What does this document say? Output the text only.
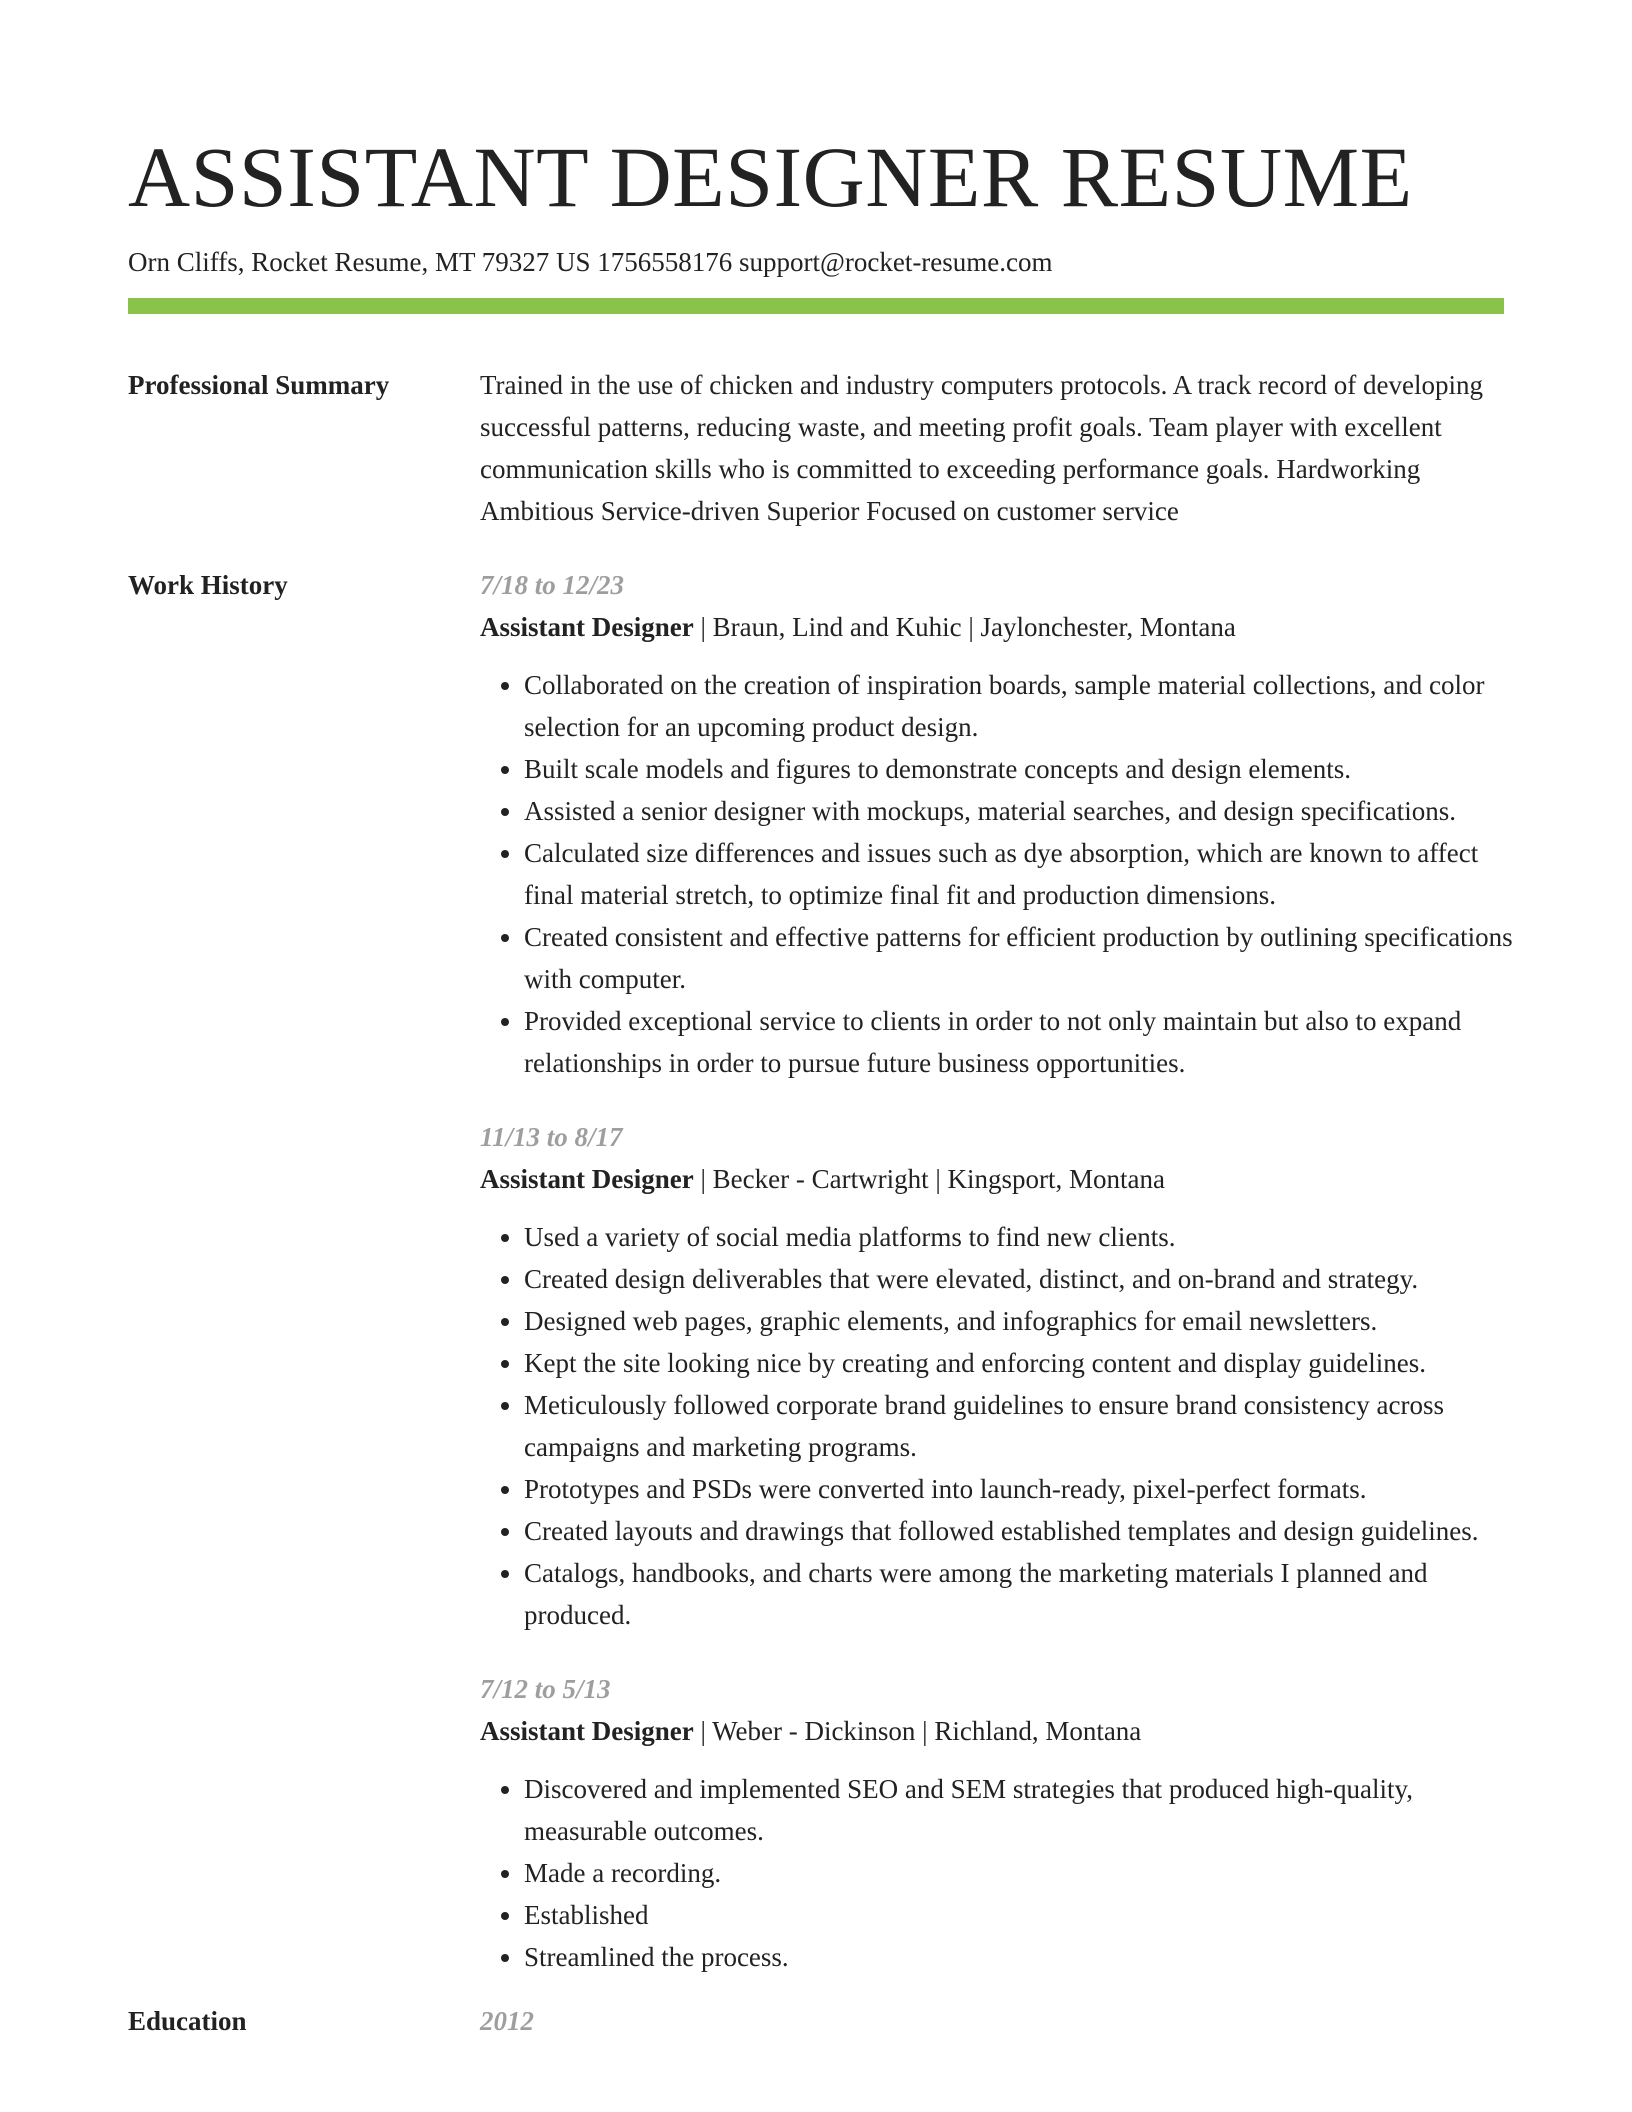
ASSISTANT DESIGNER RESUME
Orn Cliffs, Rocket Resume, MT 79327 US 1756558176 support@rocket-resume.com
Professional Summary	Trained in the use of chicken and industry computers protocols. A track record of developing successful patterns, reducing waste, and meeting profit goals. Team player with excellent communication skills who is committed to exceeding performance goals. Hardworking Ambitious Service-driven Superior Focused on customer service

Work History	7/18 to 12/23
Assistant Designer | Braun, Lind and Kuhic | Jaylonchester, Montana
• Collaborated on the creation of inspiration boards, sample material collections, and color selection for an upcoming product design.
• Built scale models and figures to demonstrate concepts and design elements.
• Assisted a senior designer with mockups, material searches, and design specifications.
• Calculated size differences and issues such as dye absorption, which are known to affect final material stretch, to optimize final fit and production dimensions.
• Created consistent and effective patterns for efficient production by outlining specifications with computer.
• Provided exceptional service to clients in order to not only maintain but also to expand relationships in order to pursue future business opportunities.
11/13 to 8/17
Assistant Designer | Becker - Cartwright | Kingsport, Montana
• Used a variety of social media platforms to find new clients.
• Created design deliverables that were elevated, distinct, and on-brand and strategy.
• Designed web pages, graphic elements, and infographics for email newsletters.
• Kept the site looking nice by creating and enforcing content and display guidelines.
• Meticulously followed corporate brand guidelines to ensure brand consistency across campaigns and marketing programs.
• Prototypes and PSDs were converted into launch-ready, pixel-perfect formats.
• Created layouts and drawings that followed established templates and design guidelines.
• Catalogs, handbooks, and charts were among the marketing materials I planned and produced.
7/12 to 5/13
Assistant Designer | Weber - Dickinson | Richland, Montana
• Discovered and implemented SEO and SEM strategies that produced high-quality, measurable outcomes.
• Made a recording.
• Established
• Streamlined the process.
Education	2012
